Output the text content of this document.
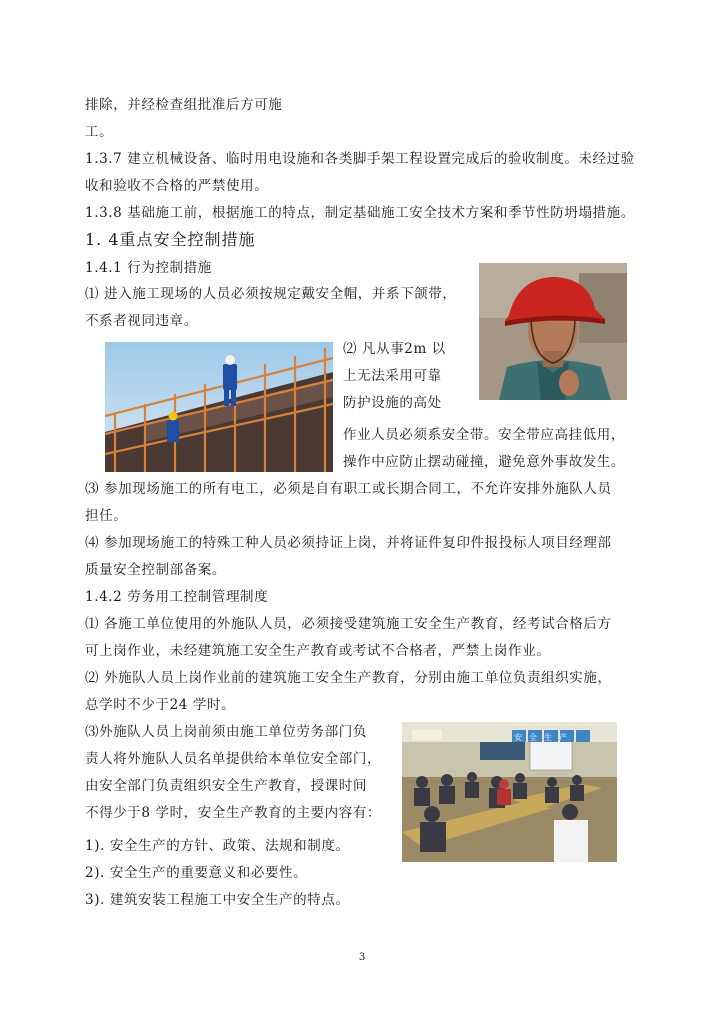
排除，并经检查组批准后方可施
工。
1.3.7 建立机械设备、临时用电设施和各类脚手架工程设置完成后的验收制度。未经过验
收和验收不合格的严禁使用。
1.3.8 基础施工前，根据施工的特点，制定基础施工安全技术方案和季节性防坍塌措施。
1. 4重点安全控制措施
1.4.1 行为控制措施
⑴ 进入施工现场的人员必须按规定戴安全帽，并系下颌带，
不系者视同违章。
⑵ 凡从事2m 以
上无法采用可靠
防护设施的高处
作业人员必须系安全带。安全带应高挂低用，
操作中应防止摆动碰撞，避免意外事故发生。
⑶ 参加现场施工的所有电工，必须是自有职工或长期合同工，不允许安排外施队人员
担任。
⑷ 参加现场施工的特殊工种人员必须持证上岗，并将证件复印件报投标人项目经理部
质量安全控制部备案。
1.4.2 劳务用工控制管理制度
⑴ 各施工单位使用的外施队人员，必须接受建筑施工安全生产教育，经考试合格后方
可上岗作业，未经建筑施工安全生产教育或考试不合格者，严禁上岗作业。
⑵ 外施队人员上岗作业前的建筑施工安全生产教育，分别由施工单位负责组织实施，
总学时不少于24 学时。
⑶外施队人员上岗前须由施工单位劳务部门负
责人将外施队人员名单提供给本单位安全部门，
由安全部门负责组织安全生产教育，授课时间
不得少于8 学时，安全生产教育的主要内容有：
1). 安全生产的方针、政策、法规和制度。
2). 安全生产的重要意义和必要性。
3). 建筑安装工程施工中安全生产的特点。
安全生产
3
